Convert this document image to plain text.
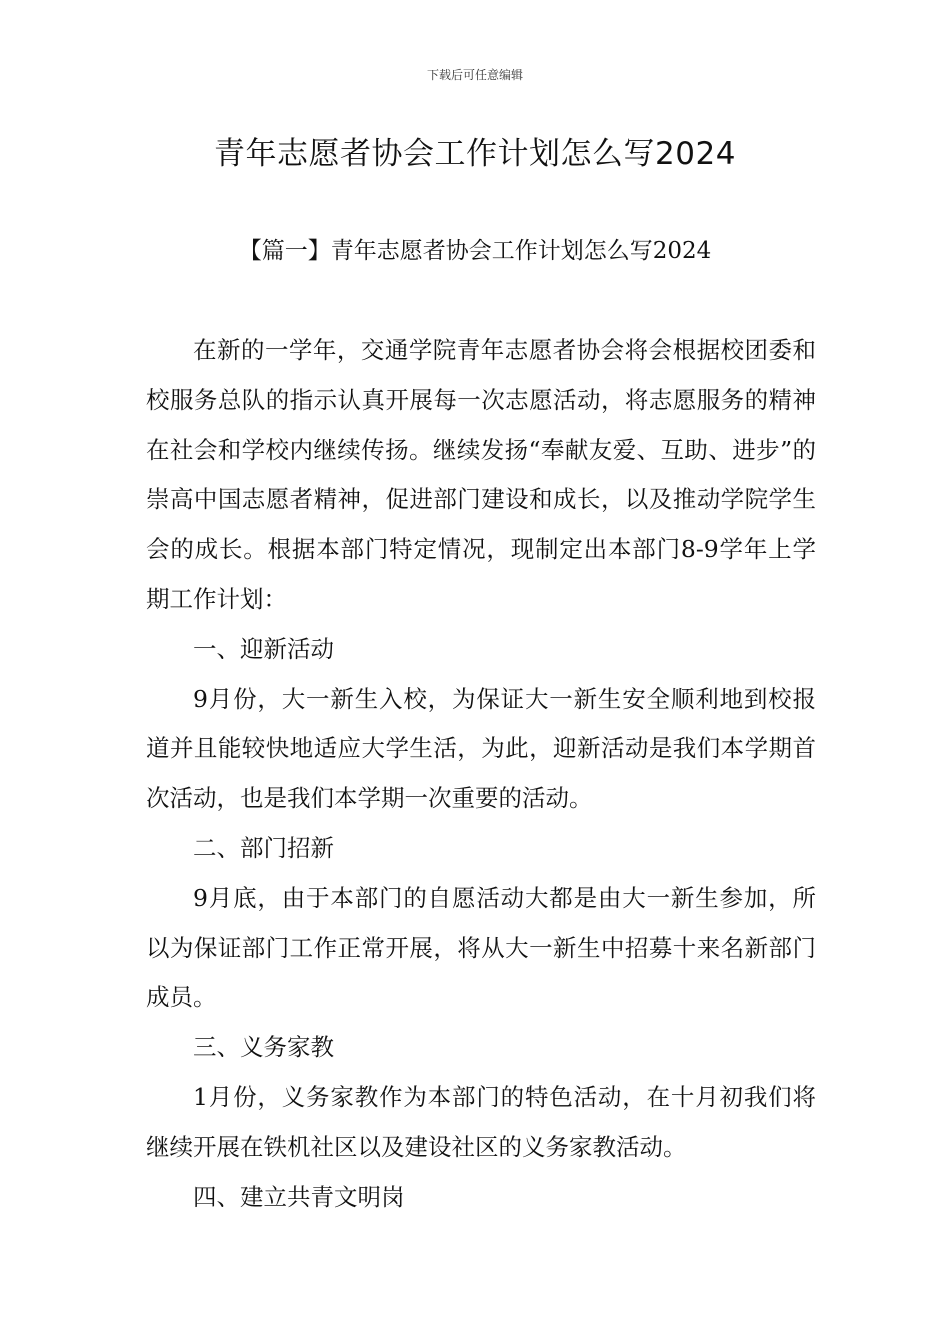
下载后可任意编辑
青年志愿者协会工作计划怎么写2024
【篇一】青年志愿者协会工作计划怎么写2024

在新的一学年，交通学院青年志愿者协会将会根据校团委和校服务总队的指示认真开展每一次志愿活动，将志愿服务的精神在社会和学校内继续传扬。继续发扬“奉献友爱、互助、进步”的崇高中国志愿者精神，促进部门建设和成长，以及推动学院学生会的成长。根据本部门特定情况，现制定出本部门8-9学年上学期工作计划：

一、迎新活动

9月份，大一新生入校，为保证大一新生安全顺利地到校报道并且能较快地适应大学生活，为此，迎新活动是我们本学期首次活动，也是我们本学期一次重要的活动。

二、部门招新

9月底，由于本部门的自愿活动大都是由大一新生参加，所以为保证部门工作正常开展，将从大一新生中招募十来名新部门成员。

三、义务家教

1月份，义务家教作为本部门的特色活动，在十月初我们将继续开展在铁机社区以及建设社区的义务家教活动。

四、建立共青文明岗
